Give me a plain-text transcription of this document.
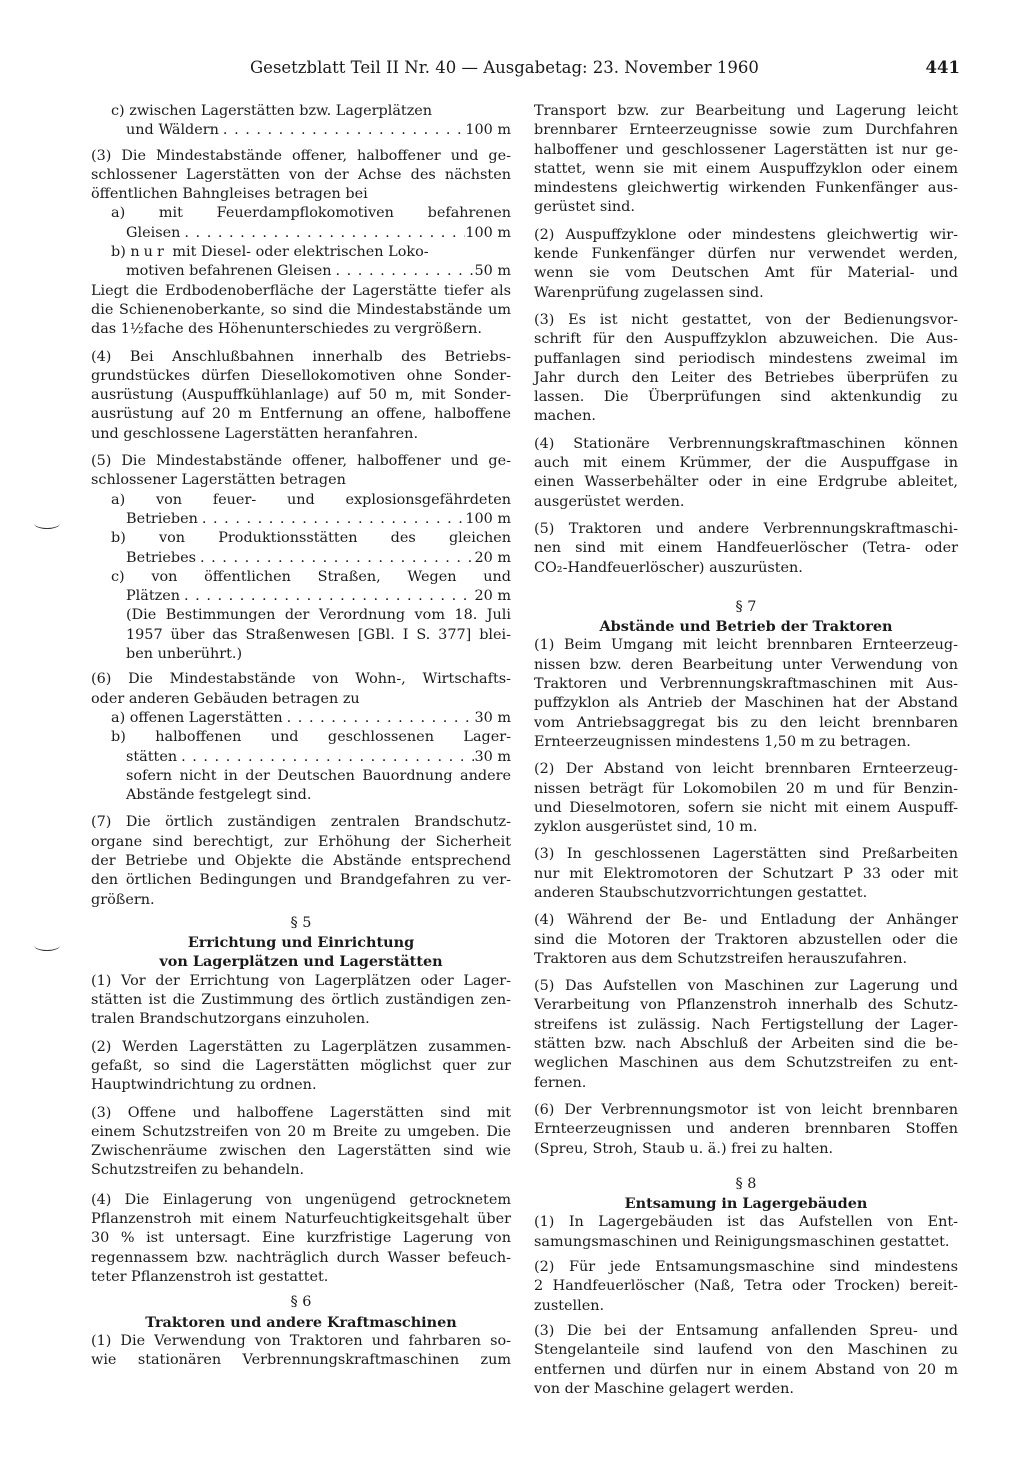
Gesetzblatt Teil II Nr. 40 — Ausgabetag: 23. November 1960	441
c) zwischen Lagerstätten bzw. Lagerplätzen
und Wäldern . . .	100 m
(3) Die Mindestabstände offener, halboffener und ge-
schlossener Lagerstätten von der Achse des nächsten
öffentlichen Bahngleises betragen bei
a) mit Feuerdampflokomotiven befahrenen
Gleisen . . .	100 m
b) nur mit Diesel- oder elektrischen Loko-
motiven befahrenen Gleisen . . .	50 m
Liegt die Erdbodenoberfläche der Lagerstätte tiefer als
die Schienenoberkante, so sind die Mindestabstände um
das 1½fache des Höhenunterschiedes zu vergrößern.
(4) Bei Anschlußbahnen innerhalb des Betriebs-
grundstückes dürfen Diesellokomotiven ohne Sonder-
ausrüstung (Auspuffkühlanlage) auf 50 m, mit Sonder-
ausrüstung auf 20 m Entfernung an offene, halboffene
und geschlossene Lagerstätten heranfahren.
(5) Die Mindestabstände offener, halboffener und ge-
schlossener Lagerstätten betragen
a) von feuer- und explosionsgefährdeten
Betrieben . . .	100 m
b) von Produktionsstätten des gleichen
Betriebes . . .	20 m
c) von öffentlichen Straßen, Wegen und
Plätzen . . .	20 m
(Die Bestimmungen der Verordnung vom 18. Juli
1957 über das Straßenwesen [GBl. I S. 377] blei-
ben unberührt.)
(6) Die Mindestabstände von Wohn-, Wirtschafts-
oder anderen Gebäuden betragen zu
a) offenen Lagerstätten . . .	30 m
b) halboffenen und geschlossenen Lager-
stätten . . .	30 m
sofern nicht in der Deutschen Bauordnung andere
Abstände festgelegt sind.
(7) Die örtlich zuständigen zentralen Brandschutz-
organe sind berechtigt, zur Erhöhung der Sicherheit
der Betriebe und Objekte die Abstände entsprechend
den örtlichen Bedingungen und Brandgefahren zu ver-
größern.
§ 5
Errichtung und Einrichtung
von Lagerplätzen und Lagerstätten
(1) Vor der Errichtung von Lagerplätzen oder Lager-
stätten ist die Zustimmung des örtlich zuständigen zen-
tralen Brandschutzorgans einzuholen.
(2) Werden Lagerstätten zu Lagerplätzen zusammen-
gefaßt, so sind die Lagerstätten möglichst quer zur
Hauptwindrichtung zu ordnen.
(3) Offene und halboffene Lagerstätten sind mit
einem Schutzstreifen von 20 m Breite zu umgeben. Die
Zwischenräume zwischen den Lagerstätten sind wie
Schutzstreifen zu behandeln.
(4) Die Einlagerung von ungenügend getrocknetem
Pflanzenstroh mit einem Naturfeuchtigkeitsgehalt über
30 % ist untersagt. Eine kurzfristige Lagerung von
regennassem bzw. nachträglich durch Wasser befeuch-
teter Pflanzenstroh ist gestattet.
§ 6
Traktoren und andere Kraftmaschinen
(1) Die Verwendung von Traktoren und fahrbaren so-
wie stationären Verbrennungskraftmaschinen zum
Transport bzw. zur Bearbeitung und Lagerung leicht
brennbarer Ernteerzeugnisse sowie zum Durchfahren
halboffener und geschlossener Lagerstätten ist nur ge-
stattet, wenn sie mit einem Auspuffzyklon oder einem
mindestens gleichwertig wirkenden Funkenfänger aus-
gerüstet sind.
(2) Auspuffzyklone oder mindestens gleichwertig wir-
kende Funkenfänger dürfen nur verwendet werden,
wenn sie vom Deutschen Amt für Material- und
Warenprüfung zugelassen sind.
(3) Es ist nicht gestattet, von der Bedienungsvor-
schrift für den Auspuffzyklon abzuweichen. Die Aus-
puffanlagen sind periodisch mindestens zweimal im
Jahr durch den Leiter des Betriebes überprüfen zu
lassen. Die Überprüfungen sind aktenkundig zu
machen.
(4) Stationäre Verbrennungskraftmaschinen können
auch mit einem Krümmer, der die Auspuffgase in
einen Wasserbehälter oder in eine Erdgrube ableitet,
ausgerüstet werden.
(5) Traktoren und andere Verbrennungskraftmaschi-
nen sind mit einem Handfeuerlöscher (Tetra- oder
CO₂-Handfeuerlöscher) auszurüsten.
§ 7
Abstände und Betrieb der Traktoren
(1) Beim Umgang mit leicht brennbaren Ernteerzeug-
nissen bzw. deren Bearbeitung unter Verwendung von
Traktoren und Verbrennungskraftmaschinen mit Aus-
puffzyklon als Antrieb der Maschinen hat der Abstand
vom Antriebsaggregat bis zu den leicht brennbaren
Ernteerzeugnissen mindestens 1,50 m zu betragen.
(2) Der Abstand von leicht brennbaren Ernteerzeug-
nissen beträgt für Lokomobilen 20 m und für Benzin-
und Dieselmotoren, sofern sie nicht mit einem Auspuff-
zyklon ausgerüstet sind, 10 m.
(3) In geschlossenen Lagerstätten sind Preßarbeiten
nur mit Elektromotoren der Schutzart P 33 oder mit
anderen Staubschutzvorrichtungen gestattet.
(4) Während der Be- und Entladung der Anhänger
sind die Motoren der Traktoren abzustellen oder die
Traktoren aus dem Schutzstreifen herauszufahren.
(5) Das Aufstellen von Maschinen zur Lagerung und
Verarbeitung von Pflanzenstroh innerhalb des Schutz-
streifens ist zulässig. Nach Fertigstellung der Lager-
stätten bzw. nach Abschluß der Arbeiten sind die be-
weglichen Maschinen aus dem Schutzstreifen zu ent-
fernen.
(6) Der Verbrennungsmotor ist von leicht brennbaren
Ernteerzeugnissen und anderen brennbaren Stoffen
(Spreu, Stroh, Staub u. ä.) frei zu halten.
§ 8
Entsamung in Lagergebäuden
(1) In Lagergebäuden ist das Aufstellen von Ent-
samungsmaschinen und Reinigungsmaschinen gestattet.
(2) Für jede Entsamungsmaschine sind mindestens
2 Handfeuerlöscher (Naß, Tetra oder Trocken) bereit-
zustellen.
(3) Die bei der Entsamung anfallenden Spreu- und
Stengelanteile sind laufend von den Maschinen zu
entfernen und dürfen nur in einem Abstand von 20 m
von der Maschine gelagert werden.
